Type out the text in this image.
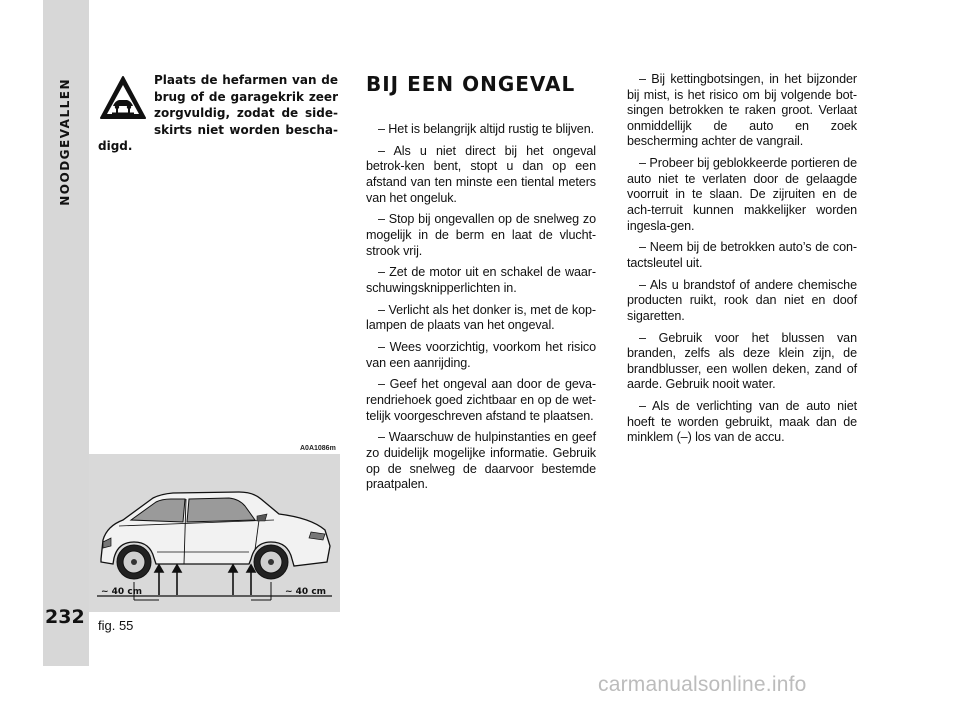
NOODGEVALLEN
232
Plaats de hefarmen van de brug of de garagekrik zeer zorgvuldig, zodat de side-skirts niet worden bescha-digd.
A0A1086m
~ 40 cm	~ 40 cm
fig. 55
BIJ EEN ONGEVAL

– Het is belangrijk altijd rustig te blijven.

– Als u niet direct bij het ongeval betrok-ken bent, stopt u dan op een afstand van ten minste een tiental meters van het ongeluk.

– Stop bij ongevallen op de snelweg zo mogelijk in de berm en laat de vlucht-strook vrij.

– Zet de motor uit en schakel de waar-schuwingsknipperlichten in.

– Verlicht als het donker is, met de kop-lampen de plaats van het ongeval.

– Wees voorzichtig, voorkom het risico van een aanrijding.

– Geef het ongeval aan door de geva-rendriehoek goed zichtbaar en op de wet-telijk voorgeschreven afstand te plaatsen.

– Waarschuw de hulpinstanties en geef zo duidelijk mogelijke informatie. Gebruik op de snelweg de daarvoor bestemde praatpalen.

– Bij kettingbotsingen, in het bijzonder bij mist, is het risico om bij volgende bot-singen betrokken te raken groot. Verlaat onmiddellijk de auto en zoek bescherming achter de vangrail.

– Probeer bij geblokkeerde portieren de auto niet te verlaten door de gelaagde voorruit in te slaan. De zijruiten en de ach-terruit kunnen makkelijker worden ingesla-gen.

– Neem bij de betrokken auto’s de con-tactsleutel uit.

– Als u brandstof of andere chemische producten ruikt, rook dan niet en doof sigaretten.

– Gebruik voor het blussen van branden, zelfs als deze klein zijn, de brandblusser, een wollen deken, zand of aarde. Gebruik nooit water.

– Als de verlichting van de auto niet hoeft te worden gebruikt, maak dan de minklem (–) los van de accu.

carmanualsonline.info
